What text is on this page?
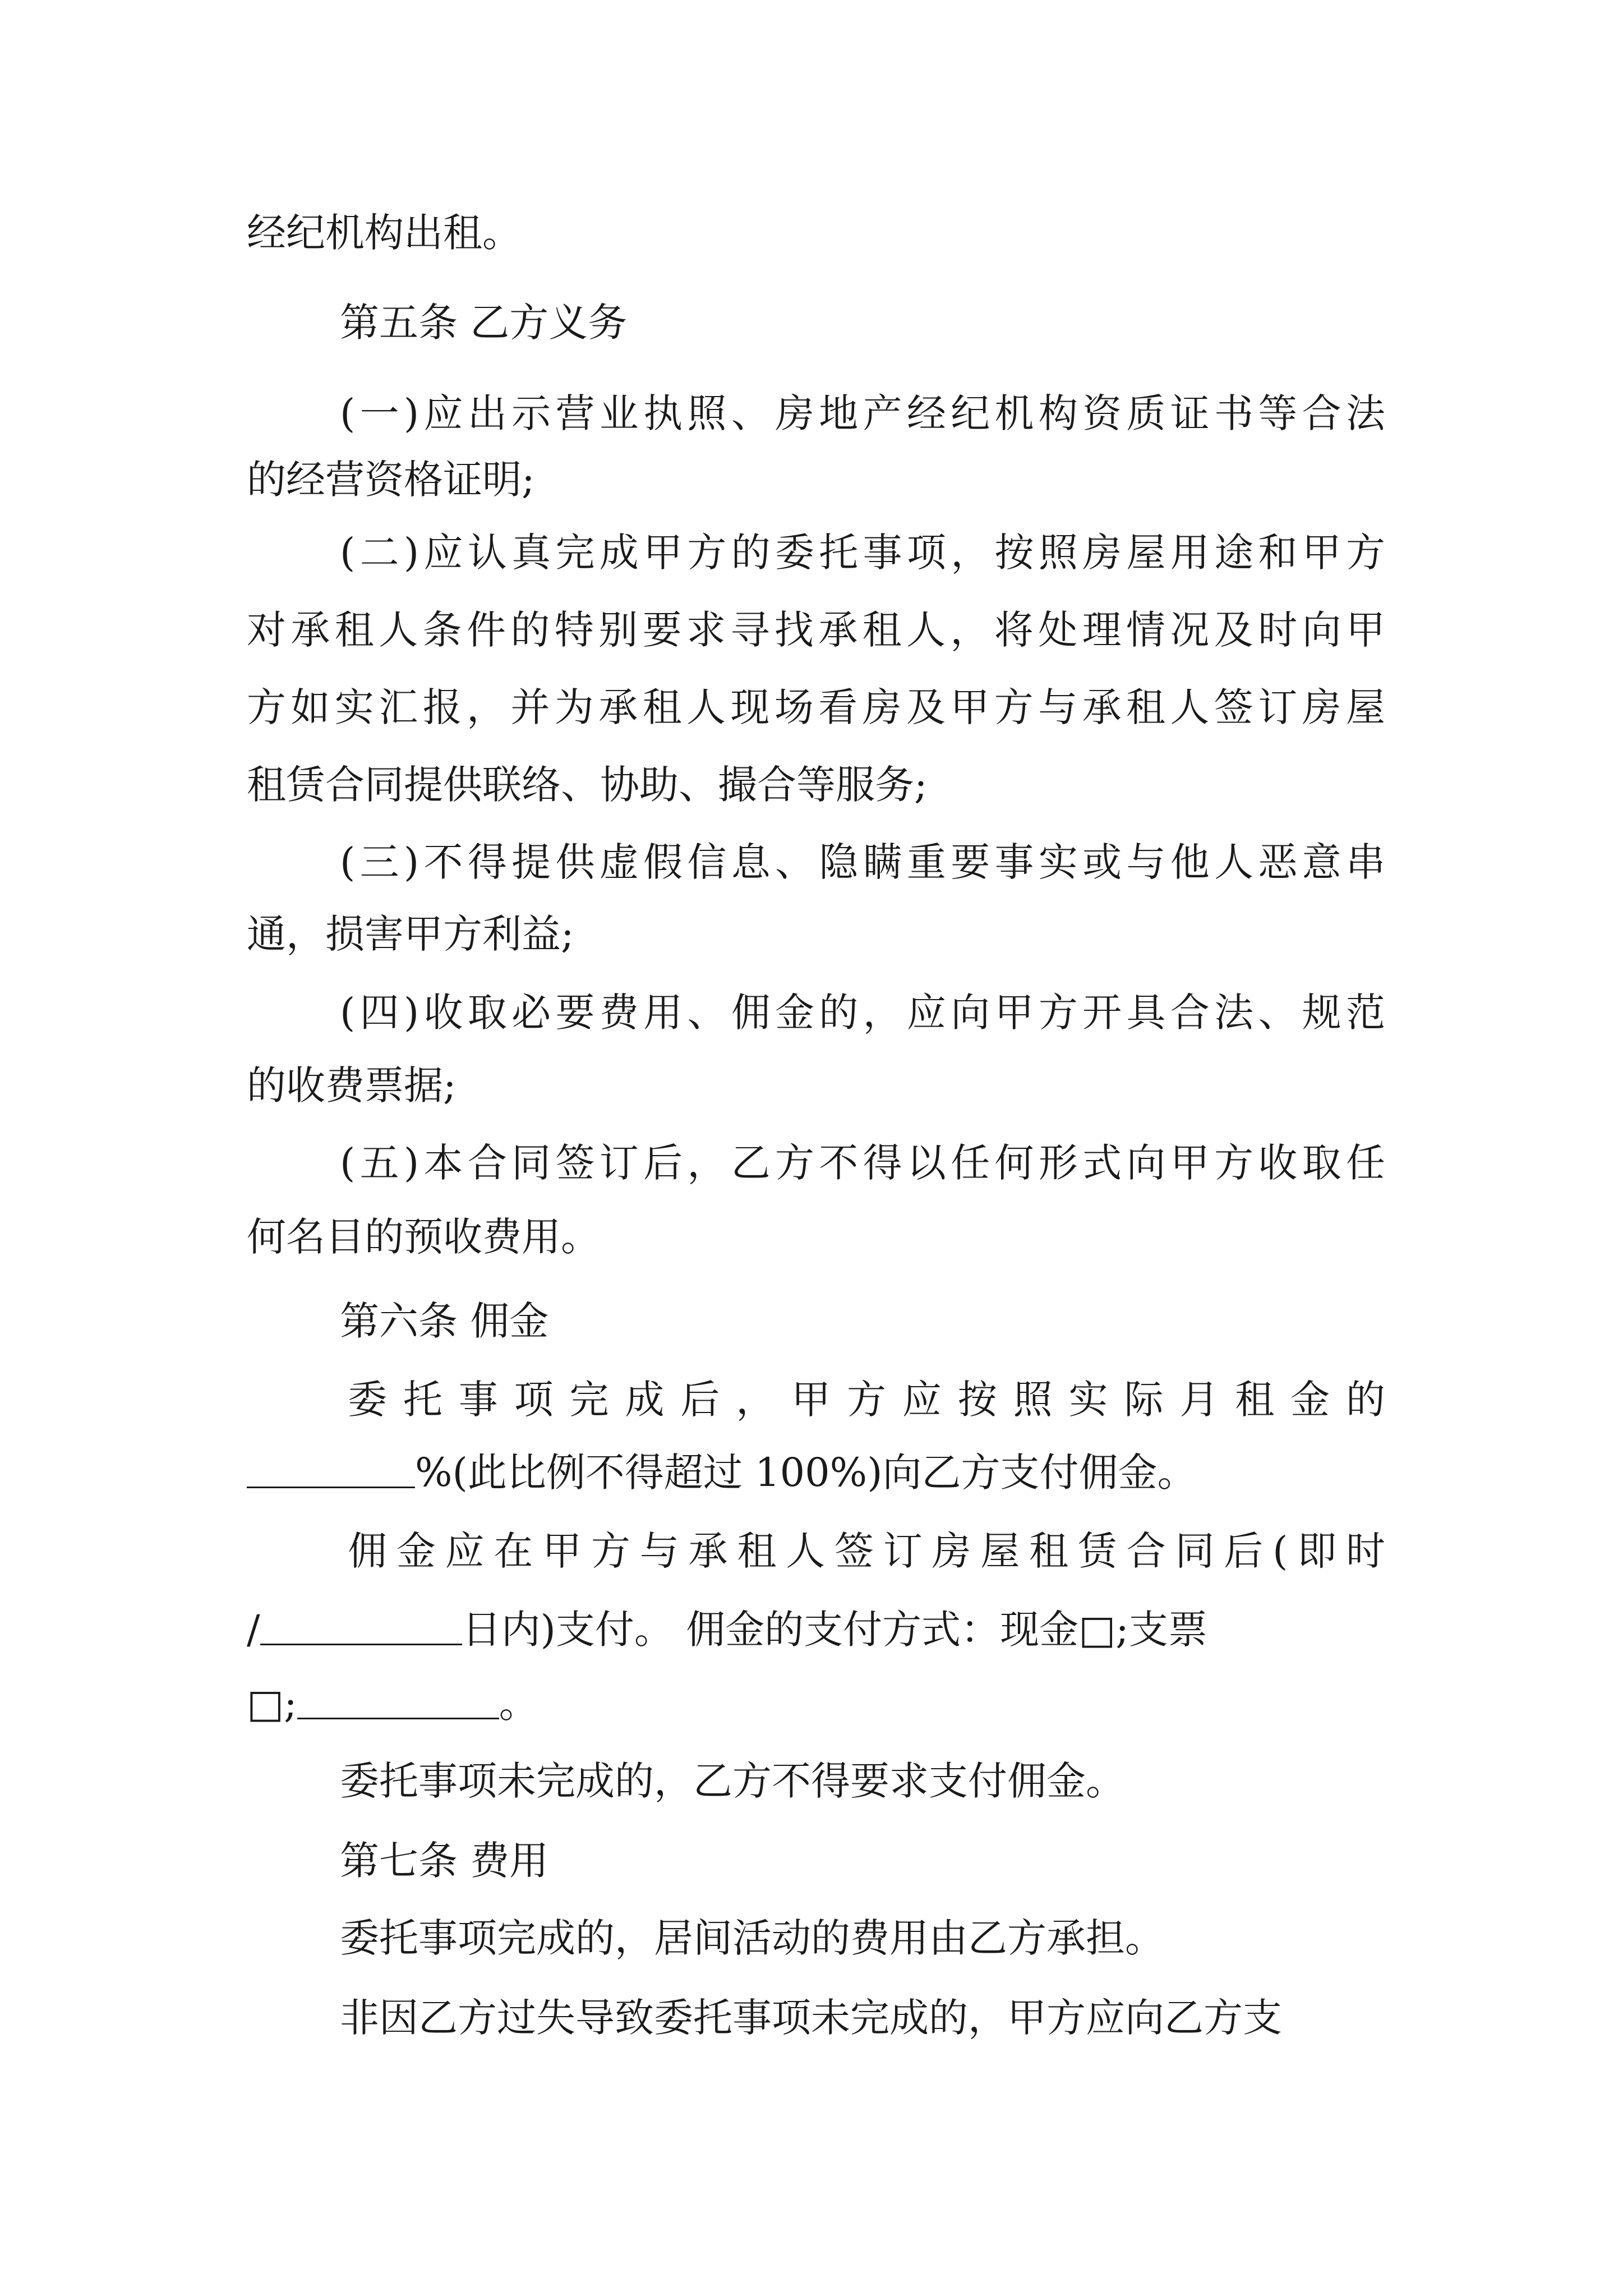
经纪机构出租。
第五条 乙方义务
(一)应出示营业执照、房地产经纪机构资质证书等合法
的经营资格证明;
(二)应认真完成甲方的委托事项，按照房屋用途和甲方
对承租人条件的特别要求寻找承租人，将处理情况及时向甲
方如实汇报，并为承租人现场看房及甲方与承租人签订房屋
租赁合同提供联络、协助、撮合等服务;
(三)不得提供虚假信息、隐瞒重要事实或与他人恶意串
通，损害甲方利益;
(四)收取必要费用、佣金的，应向甲方开具合法、规范
的收费票据;
(五)本合同签订后，乙方不得以任何形式向甲方收取任
何名目的预收费用。
第六条 佣金
委托事项完成后，甲方应按照实际月租金的
%(此比例不得超过 100%)向乙方支付佣金。
佣金应在甲方与承租人签订房屋租赁合同后(即时
/	日内)支付。 佣金的支付方式：现金□;支票
□;	。
委托事项未完成的，乙方不得要求支付佣金。
第七条 费用
委托事项完成的，居间活动的费用由乙方承担。
非因乙方过失导致委托事项未完成的，甲方应向乙方支
